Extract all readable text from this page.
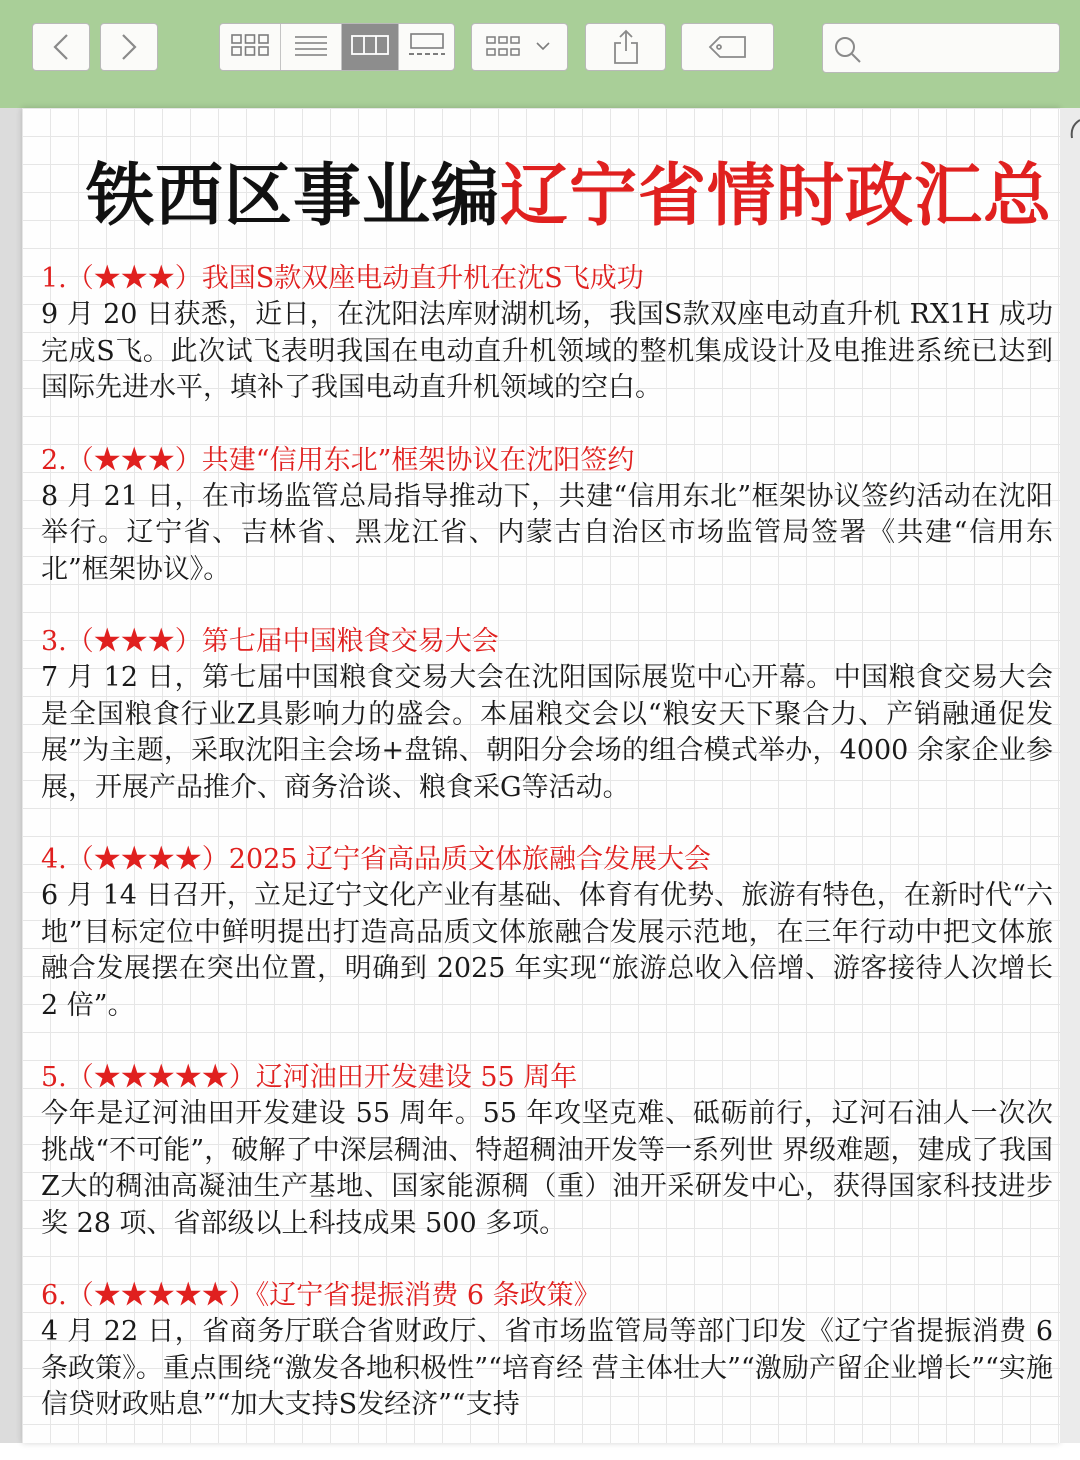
铁西区事业编辽宁省情时政汇总
1.（★★★）我国S款双座电动直升机在沈S飞成功
9 月 20 日获悉，近日，在沈阳法库财湖机场，我国S款双座电动直升机 RX1H 成功完成S飞。此次试飞表明我国在电动直升机领域的整机集成设计及电推进系统已达到国际先进水平，填补了我国电动直升机领域的空白。
2.（★★★）共建“信用东北”框架协议在沈阳签约
8 月 21 日，在市场监管总局指导推动下，共建“信用东北”框架协议签约活动在沈阳举行。辽宁省、吉林省、黑龙江省、内蒙古自治区市场监管局签署《共建“信用东北”框架协议》。
3.（★★★）第七届中国粮食交易大会
7 月 12 日，第七届中国粮食交易大会在沈阳国际展览中心开幕。中国粮食交易大会是全国粮食行业Z具影响力的盛会。本届粮交会以“粮安天下聚合力、产销融通促发展”为主题，采取沈阳主会场+盘锦、朝阳分会场的组合模式举办，4000 余家企业参展，开展产品推介、商务洽谈、粮食采G等活动。
4.（★★★★）2025 辽宁省高品质文体旅融合发展大会
6 月 14 日召开，立足辽宁文化产业有基础、体育有优势、旅游有特色，在新时代“六地”目标定位中鲜明提出打造高品质文体旅融合发展示范地，在三年行动中把文体旅融合发展摆在突出位置，明确到 2025 年实现“旅游总收入倍增、游客接待人次增长 2 倍”。
5.（★★★★★）辽河油田开发建设 55 周年
今年是辽河油田开发建设 55 周年。55 年攻坚克难、砥砺前行，辽河石油人一次次挑战“不可能”，破解了中深层稠油、特超稠油开发等一系列世 界级难题，建成了我国Z大的稠油高凝油生产基地、国家能源稠（重）油开采研发中心，获得国家科技进步奖 28 项、省部级以上科技成果 500 多项。
6.（★★★★★）《辽宁省提振消费 6 条政策》
4 月 22 日，省商务厅联合省财政厅、省市场监管局等部门印发《辽宁省提振消费 6 条政策》。重点围绕“激发各地积极性”“培育经 营主体壮大”“激励产留企业增长”“实施信贷财政贴息”“加大支持S发经济”“支持
